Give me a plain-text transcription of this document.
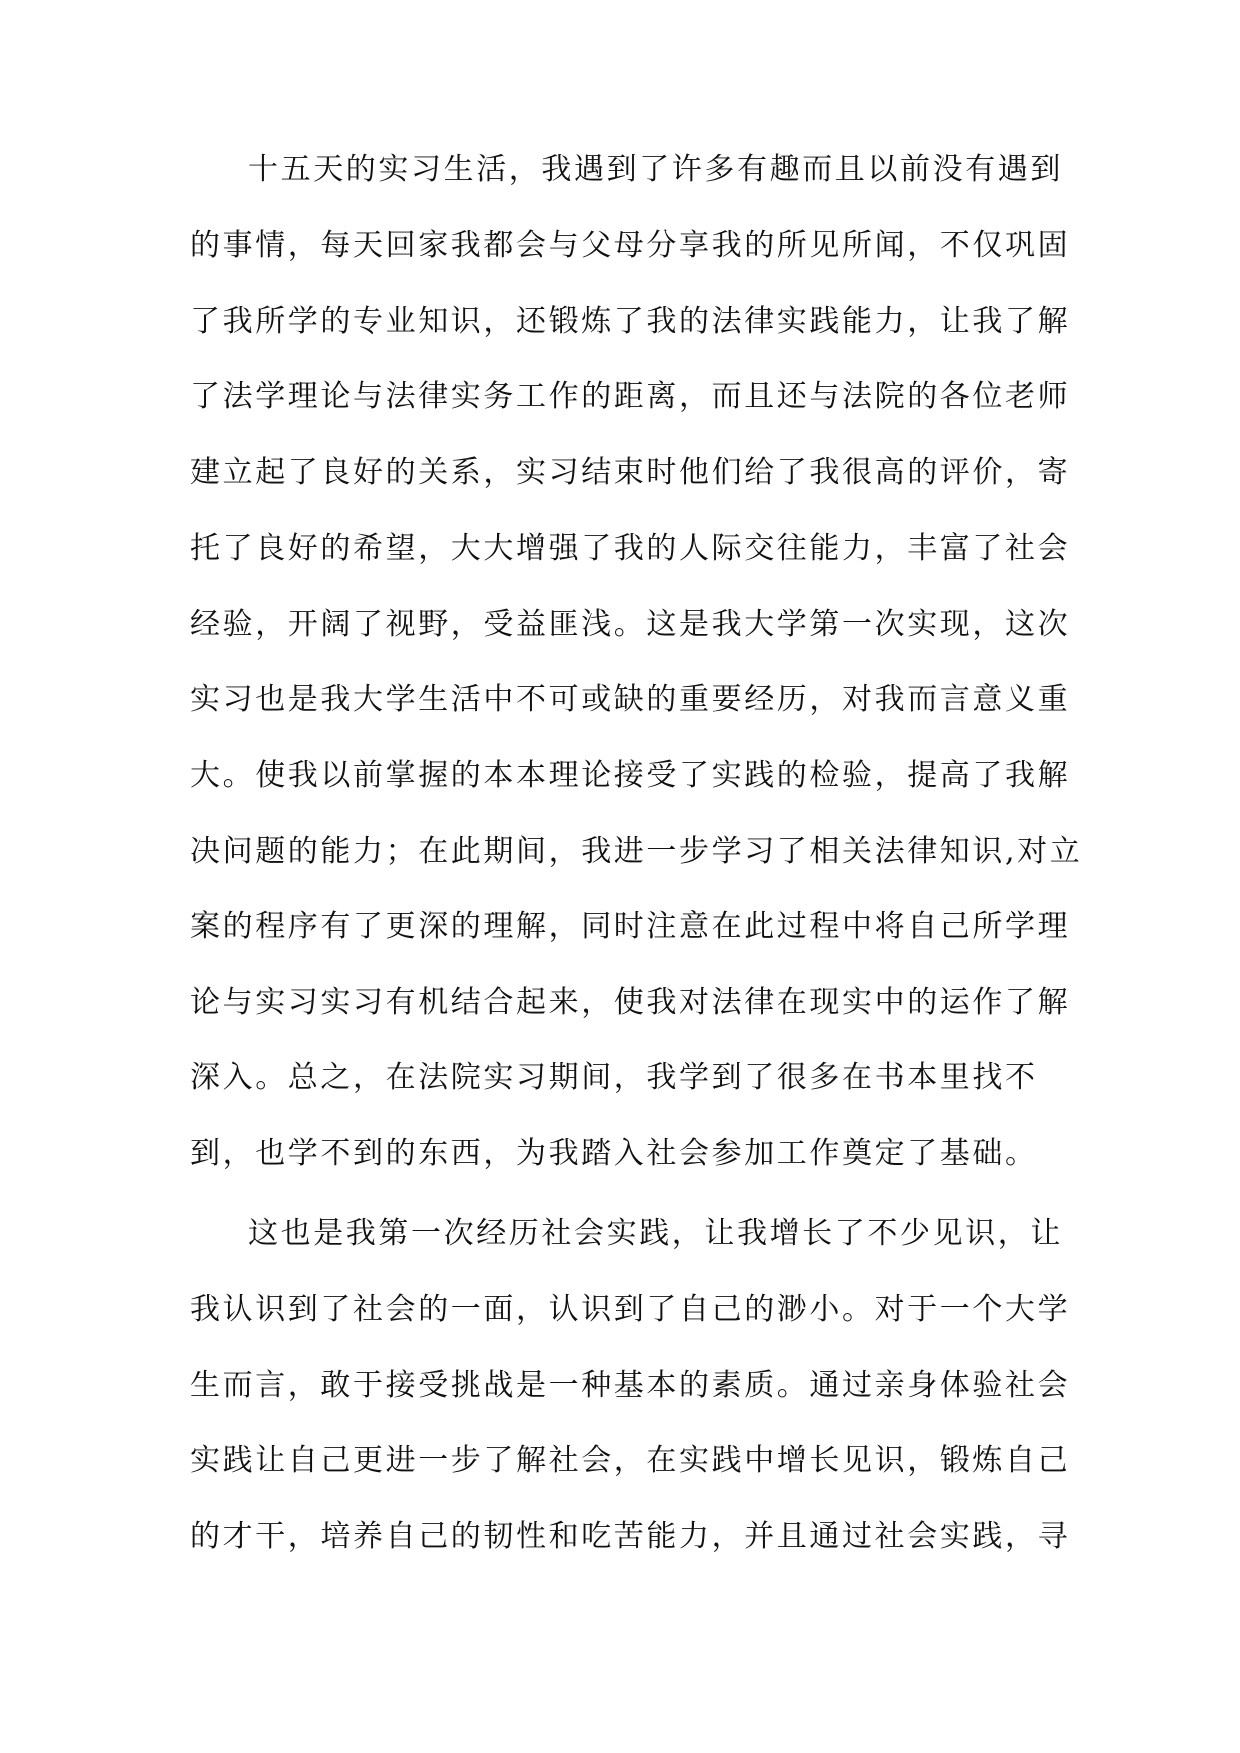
十五天的实习生活，我遇到了许多有趣而且以前没有遇到
的事情，每天回家我都会与父母分享我的所见所闻，不仅巩固
了我所学的专业知识，还锻炼了我的法律实践能力，让我了解
了法学理论与法律实务工作的距离，而且还与法院的各位老师
建立起了良好的关系，实习结束时他们给了我很高的评价，寄
托了良好的希望，大大增强了我的人际交往能力，丰富了社会
经验，开阔了视野，受益匪浅。这是我大学第一次实现，这次
实习也是我大学生活中不可或缺的重要经历，对我而言意义重
大。使我以前掌握的本本理论接受了实践的检验，提高了我解
决问题的能力；在此期间，我进一步学习了相关法律知识,对立
案的程序有了更深的理解，同时注意在此过程中将自己所学理
论与实习实习有机结合起来，使我对法律在现实中的运作了解
深入。总之，在法院实习期间，我学到了很多在书本里找不
到，也学不到的东西，为我踏入社会参加工作奠定了基础。
这也是我第一次经历社会实践，让我增长了不少见识，让
我认识到了社会的一面，认识到了自己的渺小。对于一个大学
生而言，敢于接受挑战是一种基本的素质。通过亲身体验社会
实践让自己更进一步了解社会，在实践中增长见识，锻炼自己
的才干，培养自己的韧性和吃苦能力，并且通过社会实践，寻
